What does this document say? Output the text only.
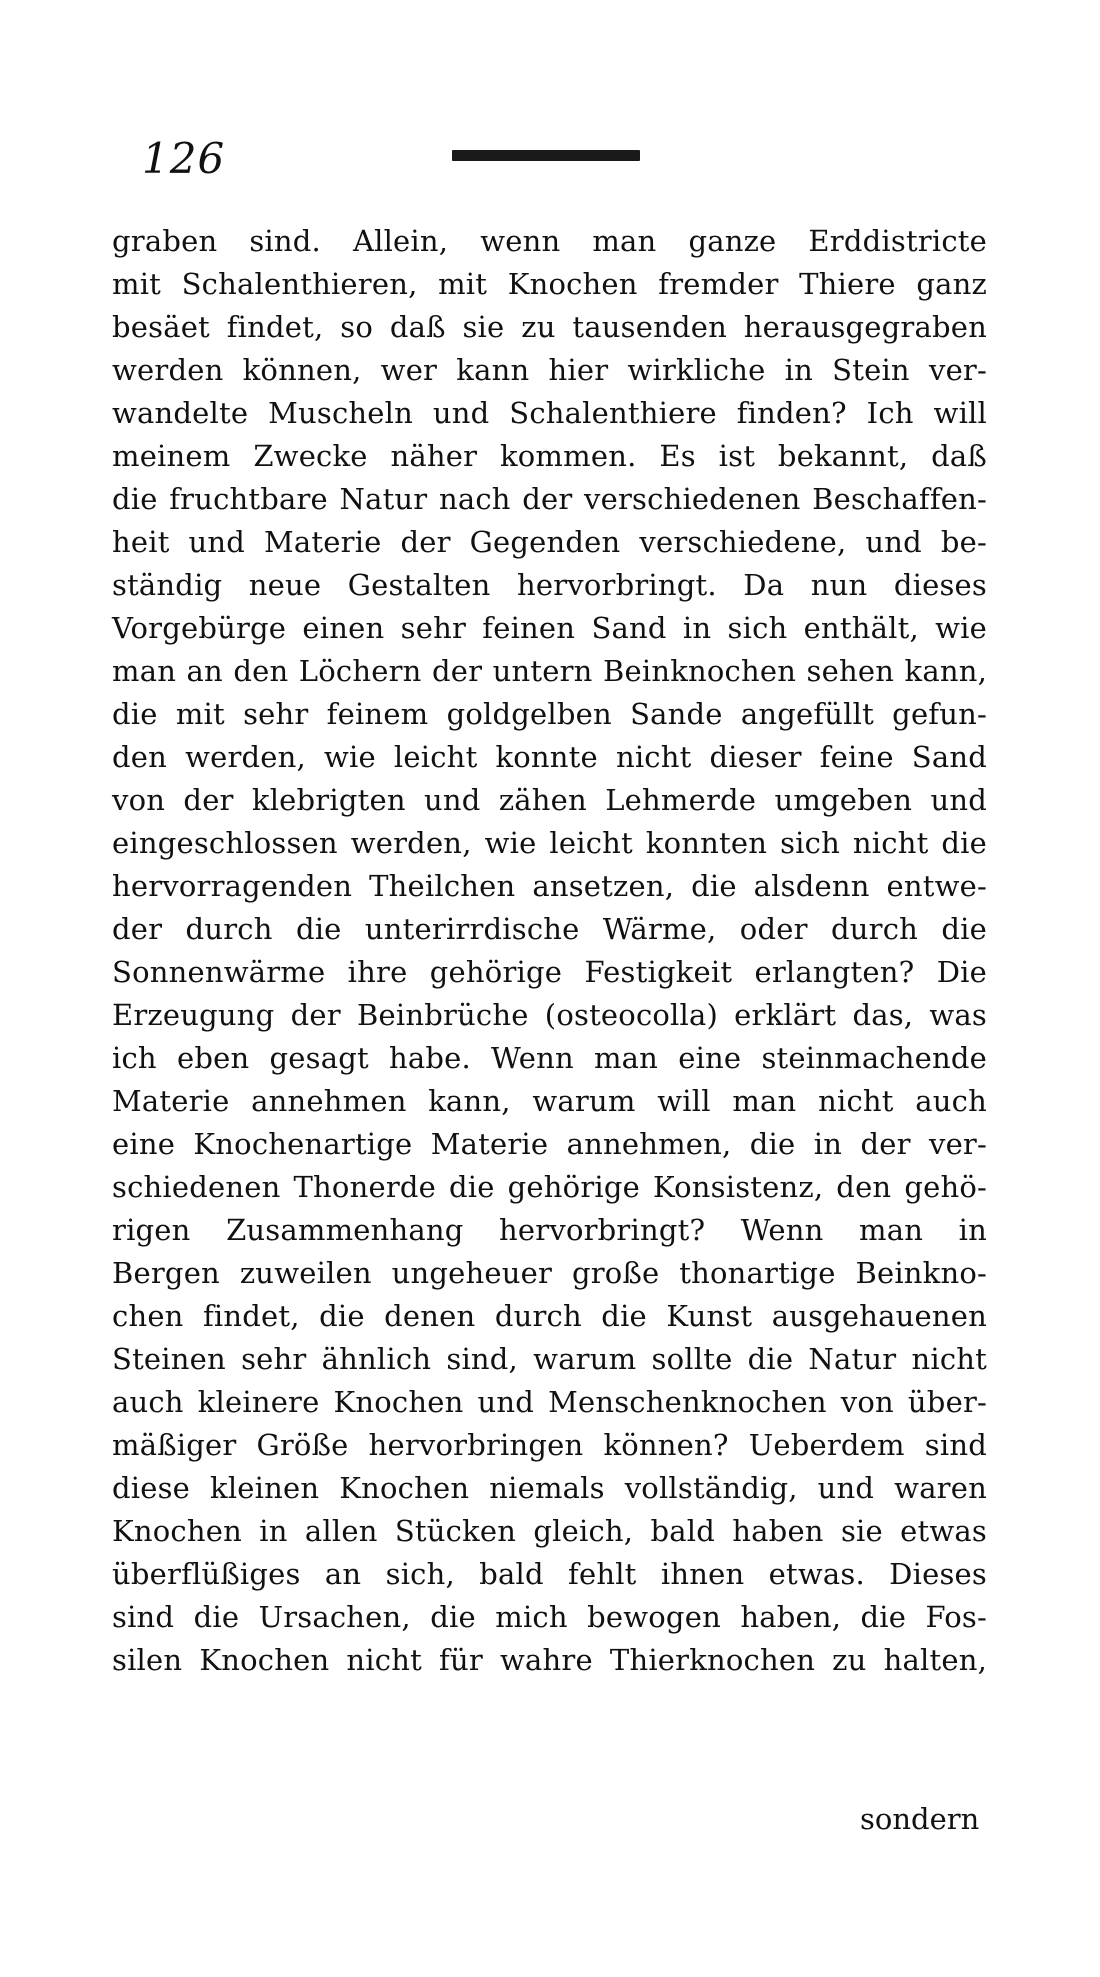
126
graben sind. Allein, wenn man ganze Erddistricte
mit Schalenthieren, mit Knochen fremder Thiere ganz
besäet findet, so daß sie zu tausenden herausgegraben
werden können, wer kann hier wirkliche in Stein ver-
wandelte Muscheln und Schalenthiere finden? Ich will
meinem Zwecke näher kommen. Es ist bekannt, daß
die fruchtbare Natur nach der verschiedenen Beschaffen-
heit und Materie der Gegenden verschiedene, und be-
ständig neue Gestalten hervorbringt. Da nun dieses
Vorgebürge einen sehr feinen Sand in sich enthält, wie
man an den Löchern der untern Beinknochen sehen kann,
die mit sehr feinem goldgelben Sande angefüllt gefun-
den werden, wie leicht konnte nicht dieser feine Sand
von der klebrigten und zähen Lehmerde umgeben und
eingeschlossen werden, wie leicht konnten sich nicht die
hervorragenden Theilchen ansetzen, die alsdenn entwe-
der durch die unterirrdische Wärme, oder durch die
Sonnenwärme ihre gehörige Festigkeit erlangten? Die
Erzeugung der Beinbrüche (osteocolla) erklärt das, was
ich eben gesagt habe. Wenn man eine steinmachende
Materie annehmen kann, warum will man nicht auch
eine Knochenartige Materie annehmen, die in der ver-
schiedenen Thonerde die gehörige Konsistenz, den gehö-
rigen Zusammenhang hervorbringt? Wenn man in
Bergen zuweilen ungeheuer große thonartige Beinkno-
chen findet, die denen durch die Kunst ausgehauenen
Steinen sehr ähnlich sind, warum sollte die Natur nicht
auch kleinere Knochen und Menschenknochen von über-
mäßiger Größe hervorbringen können? Ueberdem sind
diese kleinen Knochen niemals vollständig, und waren
Knochen in allen Stücken gleich, bald haben sie etwas
überflüßiges an sich, bald fehlt ihnen etwas. Dieses
sind die Ursachen, die mich bewogen haben, die Fos-
silen Knochen nicht für wahre Thierknochen zu halten,
sondern
